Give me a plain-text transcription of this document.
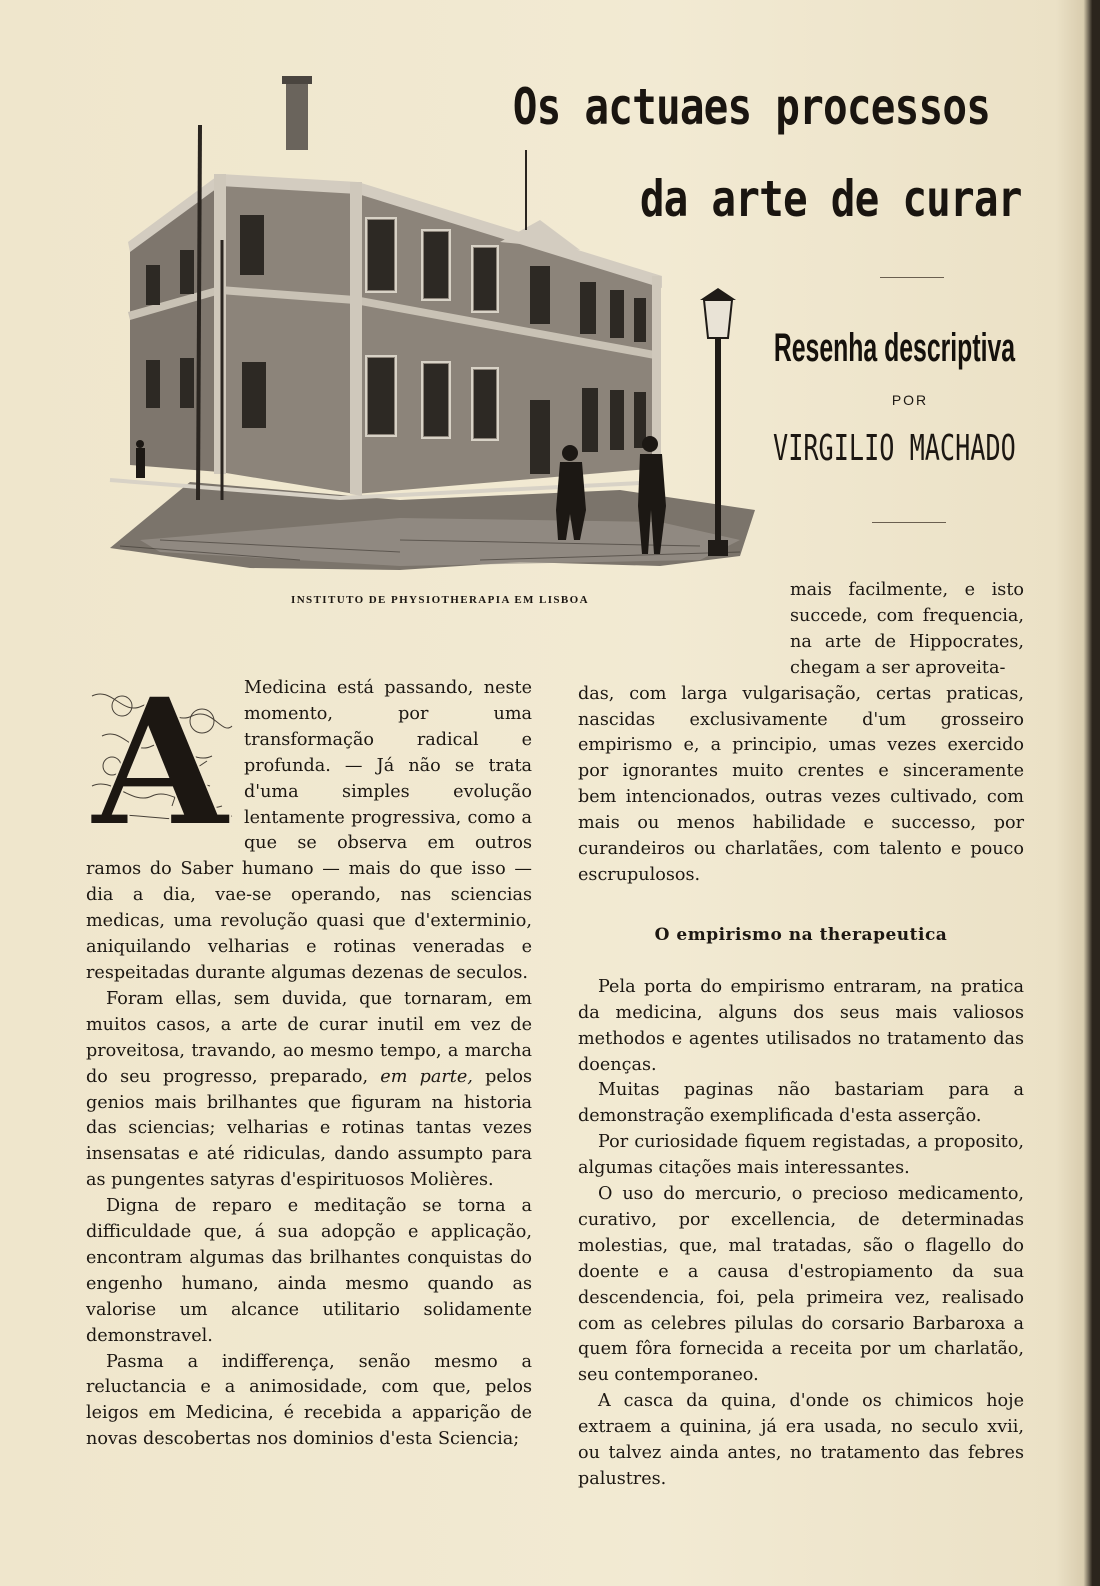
Os actuaes processos
da arte de curar
Resenha descriptiva
POR
VIRGILIO MACHADO
INSTITUTO DE PHYSIOTHERAPIA EM LISBOA
A Medicina está passando, neste momento, por uma transformação radical e profunda. — Já não se trata d'uma simples evolução lentamente progressiva, como a que se observa em outros ramos do Saber humano — mais do que isso — dia a dia, vae-se operando, nas sciencias medicas, uma revolução quasi que d'exterminio, aniquilando velharias e rotinas veneradas e respeitadas durante algumas dezenas de seculos.

Foram ellas, sem duvida, que tornaram, em muitos casos, a arte de curar inutil em vez de proveitosa, travando, ao mesmo tempo, a marcha do seu progresso, preparado, em parte, pelos genios mais brilhantes que figuram na historia das sciencias; velharias e rotinas tantas vezes insensatas e até ridiculas, dando assumpto para as pungentes satyras d'espirituosos Molières.

Digna de reparo e meditação se torna a difficuldade que, á sua adopção e applicação, encontram algumas das brilhantes conquistas do engenho humano, ainda mesmo quando as valorise um alcance utilitario solidamente demonstravel.

Pasma a indifferença, senão mesmo a reluctancia e a animosidade, com que, pelos leigos em Medicina, é recebida a apparição de novas descobertas nos dominios d'esta Sciencia;

mais facilmente, e isto succede, com frequencia, na arte de Hippocrates, chegam a ser aproveita-

das, com larga vulgarisação, certas praticas, nascidas exclusivamente d'um grosseiro empirismo e, a principio, umas vezes exercido por ignorantes muito crentes e sinceramente bem intencionados, outras vezes cultivado, com mais ou menos habilidade e successo, por curandeiros ou charlatães, com talento e pouco escrupulosos.

O empirismo na therapeutica

Pela porta do empirismo entraram, na pratica da medicina, alguns dos seus mais valiosos methodos e agentes utilisados no tratamento das doenças.

Muitas paginas não bastariam para a demonstração exemplificada d'esta asserção.

Por curiosidade fiquem registadas, a proposito, algumas citações mais interessantes.

O uso do mercurio, o precioso medicamento, curativo, por excellencia, de determinadas molestias, que, mal tratadas, são o flagello do doente e a causa d'estropiamento da sua descendencia, foi, pela primeira vez, realisado com as celebres pilulas do corsario Barbaroxa a quem fôra fornecida a receita por um charlatão, seu contemporaneo.

A casca da quina, d'onde os chimicos hoje extraem a quinina, já era usada, no seculo xvii, ou talvez ainda antes, no tratamento das febres palustres.
